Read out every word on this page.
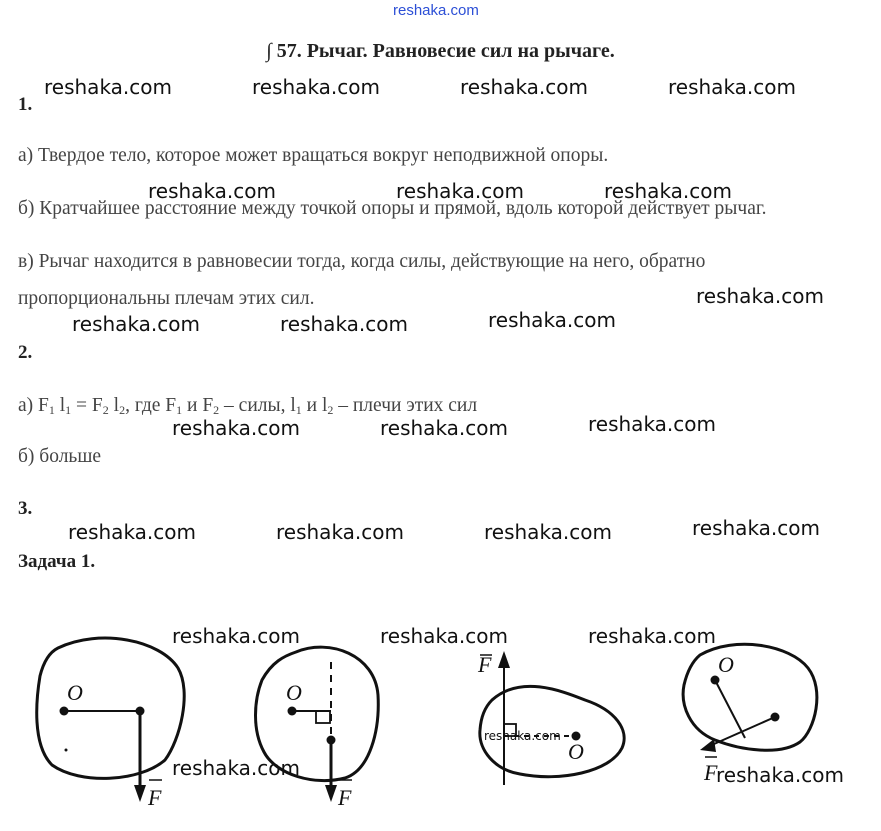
reshaka.com
∫ 57. Рычаг. Равновесие сил на рычаге.
1.
а) Твердое тело, которое может вращаться вокруг неподвижной опоры.
б) Кратчайшее расстояние между точкой опоры и прямой, вдоль которой действует рычаг.
в) Рычаг находится в равновесии тогда, когда силы, действующие на него, обратно
пропорциональны плечам этих сил.
2.
а) $F_1$ $l_1 = F_2$ $l_2$, где $F_1$ и $F_2$ – силы, $l_1$ и $l_2$ – плечи этих сил
б) больше
3.
Задача 1.
reshaka.com	reshaka.com	reshaka.com	reshaka.com
reshaka.com	reshaka.com	reshaka.com
reshaka.com
reshaka.com	reshaka.com	reshaka.com
reshaka.com	reshaka.com	reshaka.com
reshaka.com	reshaka.com	reshaka.com	reshaka.com
reshaka.com	reshaka.com	reshaka.com
O
F
O
F
F
O
reshaka.com
O
F
reshaka.com	reshaka.com
